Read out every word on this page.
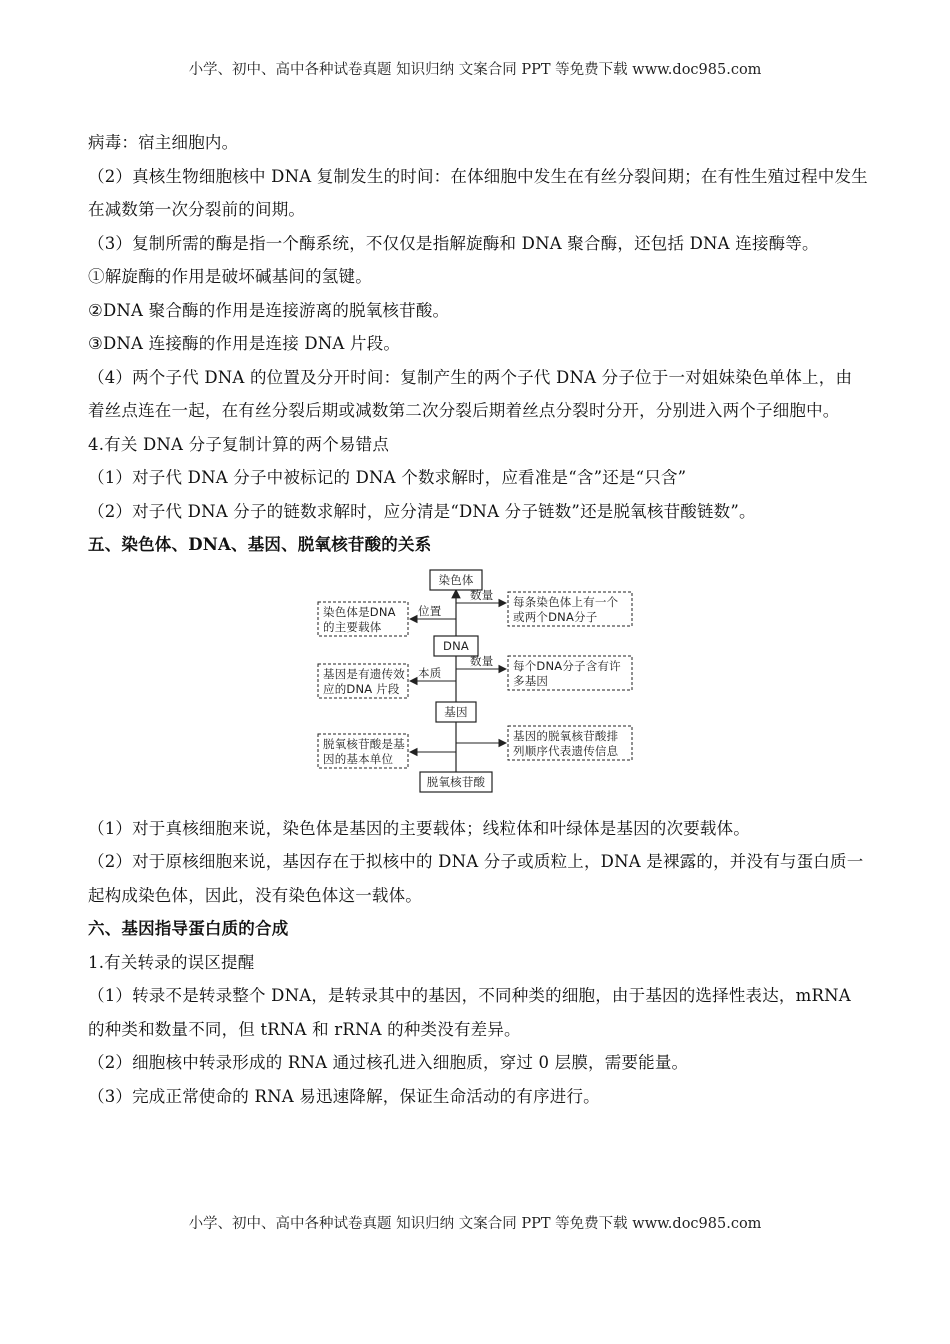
小学、初中、高中各种试卷真题 知识归纳 文案合同 PPT 等免费下载 www.doc985.com

病毒：宿主细胞内。

（2）真核生物细胞核中 DNA 复制发生的时间：在体细胞中发生在有丝分裂间期；在有性生殖过程中发生在减数第一次分裂前的间期。

（3）复制所需的酶是指一个酶系统，不仅仅是指解旋酶和 DNA 聚合酶，还包括 DNA 连接酶等。

①解旋酶的作用是破坏碱基间的氢键。

②DNA 聚合酶的作用是连接游离的脱氧核苷酸。

③DNA 连接酶的作用是连接 DNA 片段。

（4）两个子代 DNA 的位置及分开时间：复制产生的两个子代 DNA 分子位于一对姐妹染色单体上，由着丝点连在一起，在有丝分裂后期或减数第二次分裂后期着丝点分裂时分开，分别进入两个子细胞中。

4.有关 DNA 分子复制计算的两个易错点

（1）对子代 DNA 分子中被标记的 DNA 个数求解时，应看准是“含”还是“只含”

（2）对子代 DNA 分子的链数求解时，应分清是“DNA 分子链数”还是脱氧核苷酸链数”。

五、染色体、DNA、基因、脱氧核苷酸的关系

染色体
DNA
基因
脱氧核苷酸
染色体是DNA
的主要载体
基因是有遗传效
应的DNA 片段
脱氧核苷酸是基
因的基本单位
位置
本质
每条染色体上有一个
或两个DNA分子
每个DNA分子含有许
多基因
基因的脱氧核苷酸排
列顺序代表遗传信息
数量
数量

（1）对于真核细胞来说，染色体是基因的主要载体；线粒体和叶绿体是基因的次要载体。

（2）对于原核细胞来说，基因存在于拟核中的 DNA 分子或质粒上，DNA 是裸露的，并没有与蛋白质一起构成染色体，因此，没有染色体这一载体。

六、基因指导蛋白质的合成

1.有关转录的误区提醒

（1）转录不是转录整个 DNA，是转录其中的基因，不同种类的细胞，由于基因的选择性表达，mRNA 的种类和数量不同，但 tRNA 和 rRNA 的种类没有差异。

（2）细胞核中转录形成的 RNA 通过核孔进入细胞质，穿过 0 层膜，需要能量。

（3）完成正常使命的 RNA 易迅速降解，保证生命活动的有序进行。

小学、初中、高中各种试卷真题 知识归纳 文案合同 PPT 等免费下载 www.doc985.com
